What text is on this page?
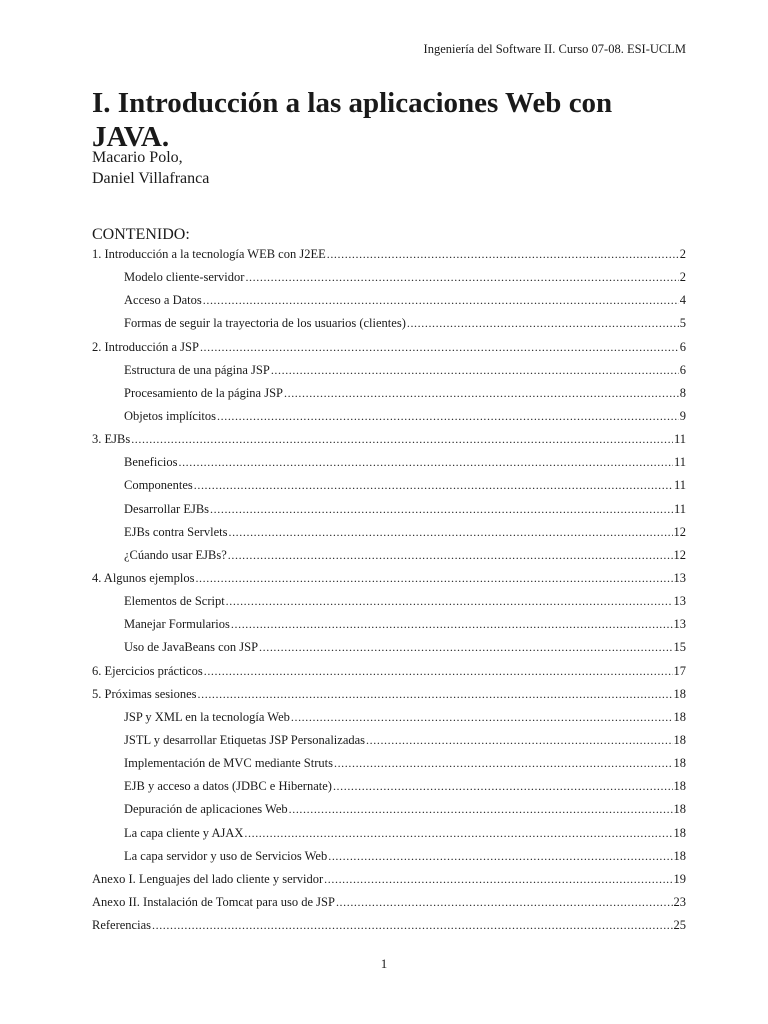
Ingeniería del Software II. Curso 07-08. ESI-UCLM
I. Introducción a las aplicaciones Web con JAVA.
Macario Polo,
Daniel Villafranca
CONTENIDO:
1. Introducción a la tecnología WEB con J2EE .....	2
Modelo cliente-servidor .....	2
Acceso a Datos .....	4
Formas de seguir la trayectoria de los usuarios (clientes) .....	5
2. Introducción a JSP .....	6
Estructura de una página JSP .....	6
Procesamiento de la página JSP .....	8
Objetos implícitos .....	9
3. EJBs .....	11
Beneficios .....	11
Componentes .....	11
Desarrollar EJBs .....	11
EJBs contra Servlets .....	12
¿Cúando usar EJBs? .....	12
4. Algunos ejemplos .....	13
Elementos de Script .....	13
Manejar Formularios .....	13
Uso de JavaBeans con JSP .....	15
6. Ejercicios prácticos .....	17
5. Próximas sesiones .....	18
JSP y XML en la tecnología Web .....	18
JSTL y desarrollar Etiquetas JSP Personalizadas .....	18
Implementación de MVC mediante Struts .....	18
EJB y acceso a datos (JDBC e Hibernate) .....	18
Depuración de aplicaciones Web .....	18
La capa cliente y AJAX .....	18
La capa servidor y uso de Servicios Web .....	18
Anexo I. Lenguajes del lado cliente y servidor .....	19
Anexo II. Instalación de Tomcat para uso de JSP .....	23
Referencias .....	25
1
